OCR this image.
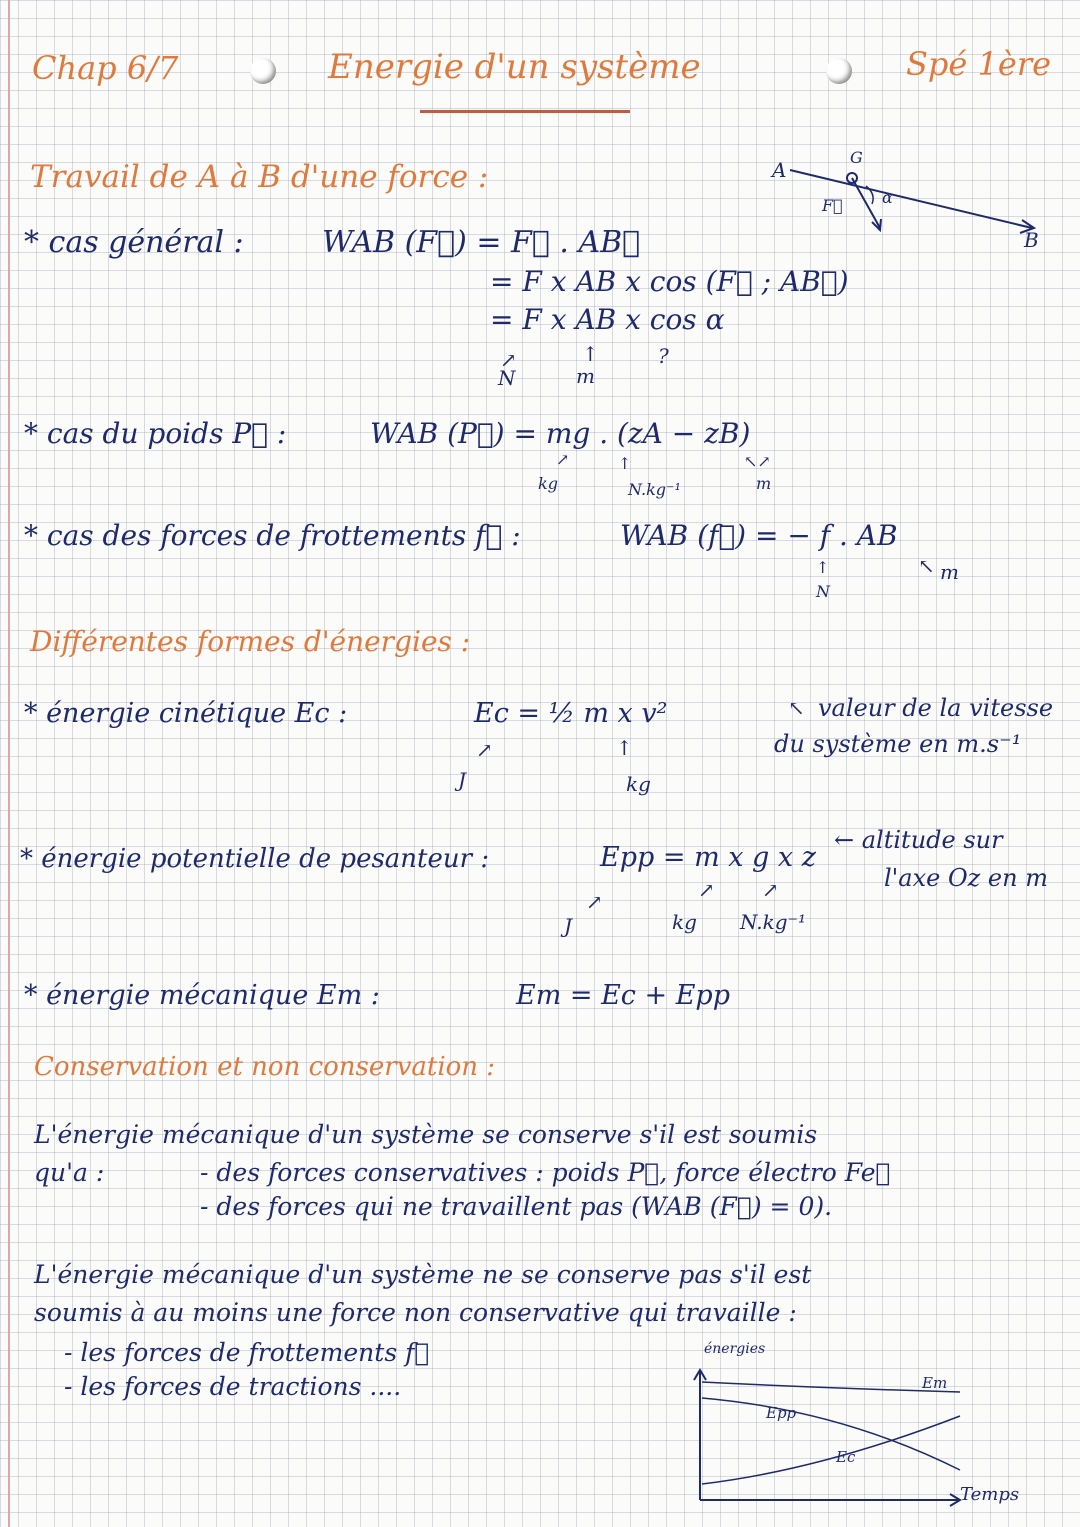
Chap 6/7	Energie d'un système	Spé 1ère
Travail de A à B d'une force :
* cas général :	WAB (F⃗) = F⃗ . AB⃗
= F x AB x cos (F⃗ ; AB⃗)
= F x AB x cos α
↗
N
↑
m
?
* cas du poids P⃗ :	WAB (P⃗) = mg . (zA − zB)
kg	N.kg⁻¹	m
↗	↑	↖↗
* cas des forces de frottements f⃗ :	WAB (f⃗) = − f . AB
↑
N
↖ m
A
B
G
F⃗ α
Différentes formes d'énergies :
* énergie cinétique Ec :	Ec = ½ m x v²	↖ valeur de la vitesse
du système en m.s⁻¹
↗
J
↑
kg
* énergie potentielle de pesanteur :	Epp = m x g x z
← altitude sur
l'axe Oz en m
↗
J
↗
kg
↗
N.kg⁻¹
* énergie mécanique Em :	Em = Ec + Epp
Conservation et non conservation :
L'énergie mécanique d'un système se conserve s'il est soumis
qu'a :	- des forces conservatives : poids P⃗, force électro Fe⃗
- des forces qui ne travaillent pas (WAB (F⃗) = 0).
L'énergie mécanique d'un système ne se conserve pas s'il est
soumis à au moins une force non conservative qui travaille :
- les forces de frottements f⃗
- les forces de tractions ....
énergies
Temps
Em
Epp
Ec
